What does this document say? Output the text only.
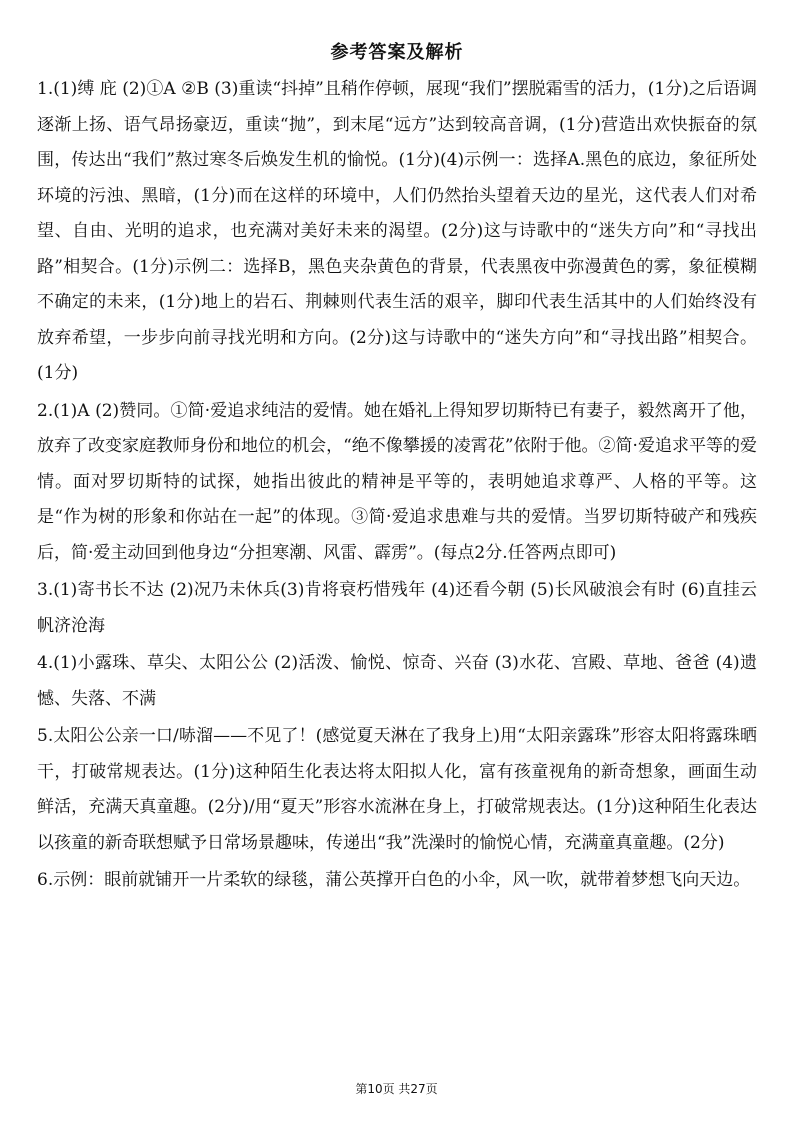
参考答案及解析

1.(1)缚 庇 (2)①A ②B (3)重读“抖掉”且稍作停顿，展现“我们”摆脱霜雪的活力，(1分)之后语调逐渐上扬、语气昂扬豪迈，重读“抛”，到末尾“远方”达到较高音调，(1分)营造出欢快振奋的氛围，传达出“我们”熬过寒冬后焕发生机的愉悦。(1分)(4)示例一：选择A.黑色的底边，象征所处环境的污浊、黑暗，(1分)而在这样的环境中，人们仍然抬头望着天边的星光，这代表人们对希望、自由、光明的追求，也充满对美好未来的渴望。(2分)这与诗歌中的“迷失方向”和“寻找出路”相契合。(1分)示例二：选择B，黑色夹杂黄色的背景，代表黑夜中弥漫黄色的雾，象征模糊不确定的未来，(1分)地上的岩石、荆棘则代表生活的艰辛，脚印代表生活其中的人们始终没有放弃希望，一步步向前寻找光明和方向。(2分)这与诗歌中的“迷失方向”和“寻找出路”相契合。(1分)

2.(1)A (2)赞同。①简·爱追求纯洁的爱情。她在婚礼上得知罗切斯特已有妻子，毅然离开了他，放弃了改变家庭教师身份和地位的机会，“绝不像攀援的凌霄花”依附于他。②简·爱追求平等的爱情。面对罗切斯特的试探，她指出彼此的精神是平等的，表明她追求尊严、人格的平等。这是“作为树的形象和你站在一起”的体现。③简·爱追求患难与共的爱情。当罗切斯特破产和残疾后，简·爱主动回到他身边“分担寒潮、风雷、霹雳”。(每点2分.任答两点即可)

3.(1)寄书长不达 (2)况乃未休兵(3)肯将衰朽惜残年 (4)还看今朝 (5)长风破浪会有时 (6)直挂云帆济沧海

4.(1)小露珠、草尖、太阳公公 (2)活泼、愉悦、惊奇、兴奋 (3)水花、宫殿、草地、爸爸 (4)遗憾、失落、不满

5.太阳公公亲一口/哧溜——不见了！(感觉夏天淋在了我身上)用“太阳亲露珠”形容太阳将露珠晒干，打破常规表达。(1分)这种陌生化表达将太阳拟人化，富有孩童视角的新奇想象，画面生动鲜活，充满天真童趣。(2分)/用“夏天”形容水流淋在身上，打破常规表达。(1分)这种陌生化表达以孩童的新奇联想赋予日常场景趣味，传递出“我”洗澡时的愉悦心情，充满童真童趣。(2分)

6.示例：眼前就铺开一片柔软的绿毯，蒲公英撑开白色的小伞，风一吹，就带着梦想飞向天边。

第10页 共27页
